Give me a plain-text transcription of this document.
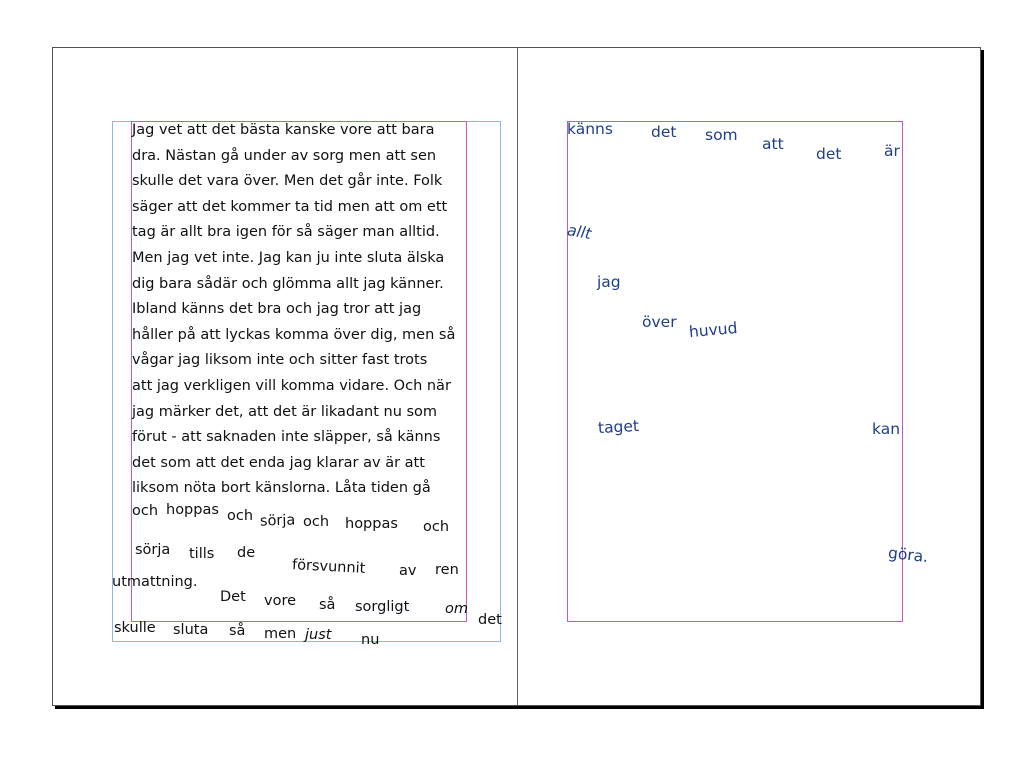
Jag vet att det bästa kanske vore att bara
dra. Nästan gå under av sorg men att sen
skulle det vara över. Men det går inte. Folk
säger att det kommer ta tid men att om ett
tag är allt bra igen för så säger man alltid.
Men jag vet inte. Jag kan ju inte sluta älska
dig bara sådär och glömma allt jag känner.
Ibland känns det bra och jag tror att jag
håller på att lyckas komma över dig, men så
vågar jag liksom inte och sitter fast trots
att jag verkligen vill komma vidare. Och när
jag märker det, att det är likadant nu som
förut - att saknaden inte släpper, så känns
det som att det enda jag klarar av är att
liksom nöta bort känslorna. Låta tiden gå
och hoppas och sörja och hoppas och
sörja tills de
försvunnit av ren
utmattning.
Det vore så sorgligt om
det
skulle sluta så men just nu
känns det som att
det	är
allt
jag
över huvud
taget	kan
göra.
